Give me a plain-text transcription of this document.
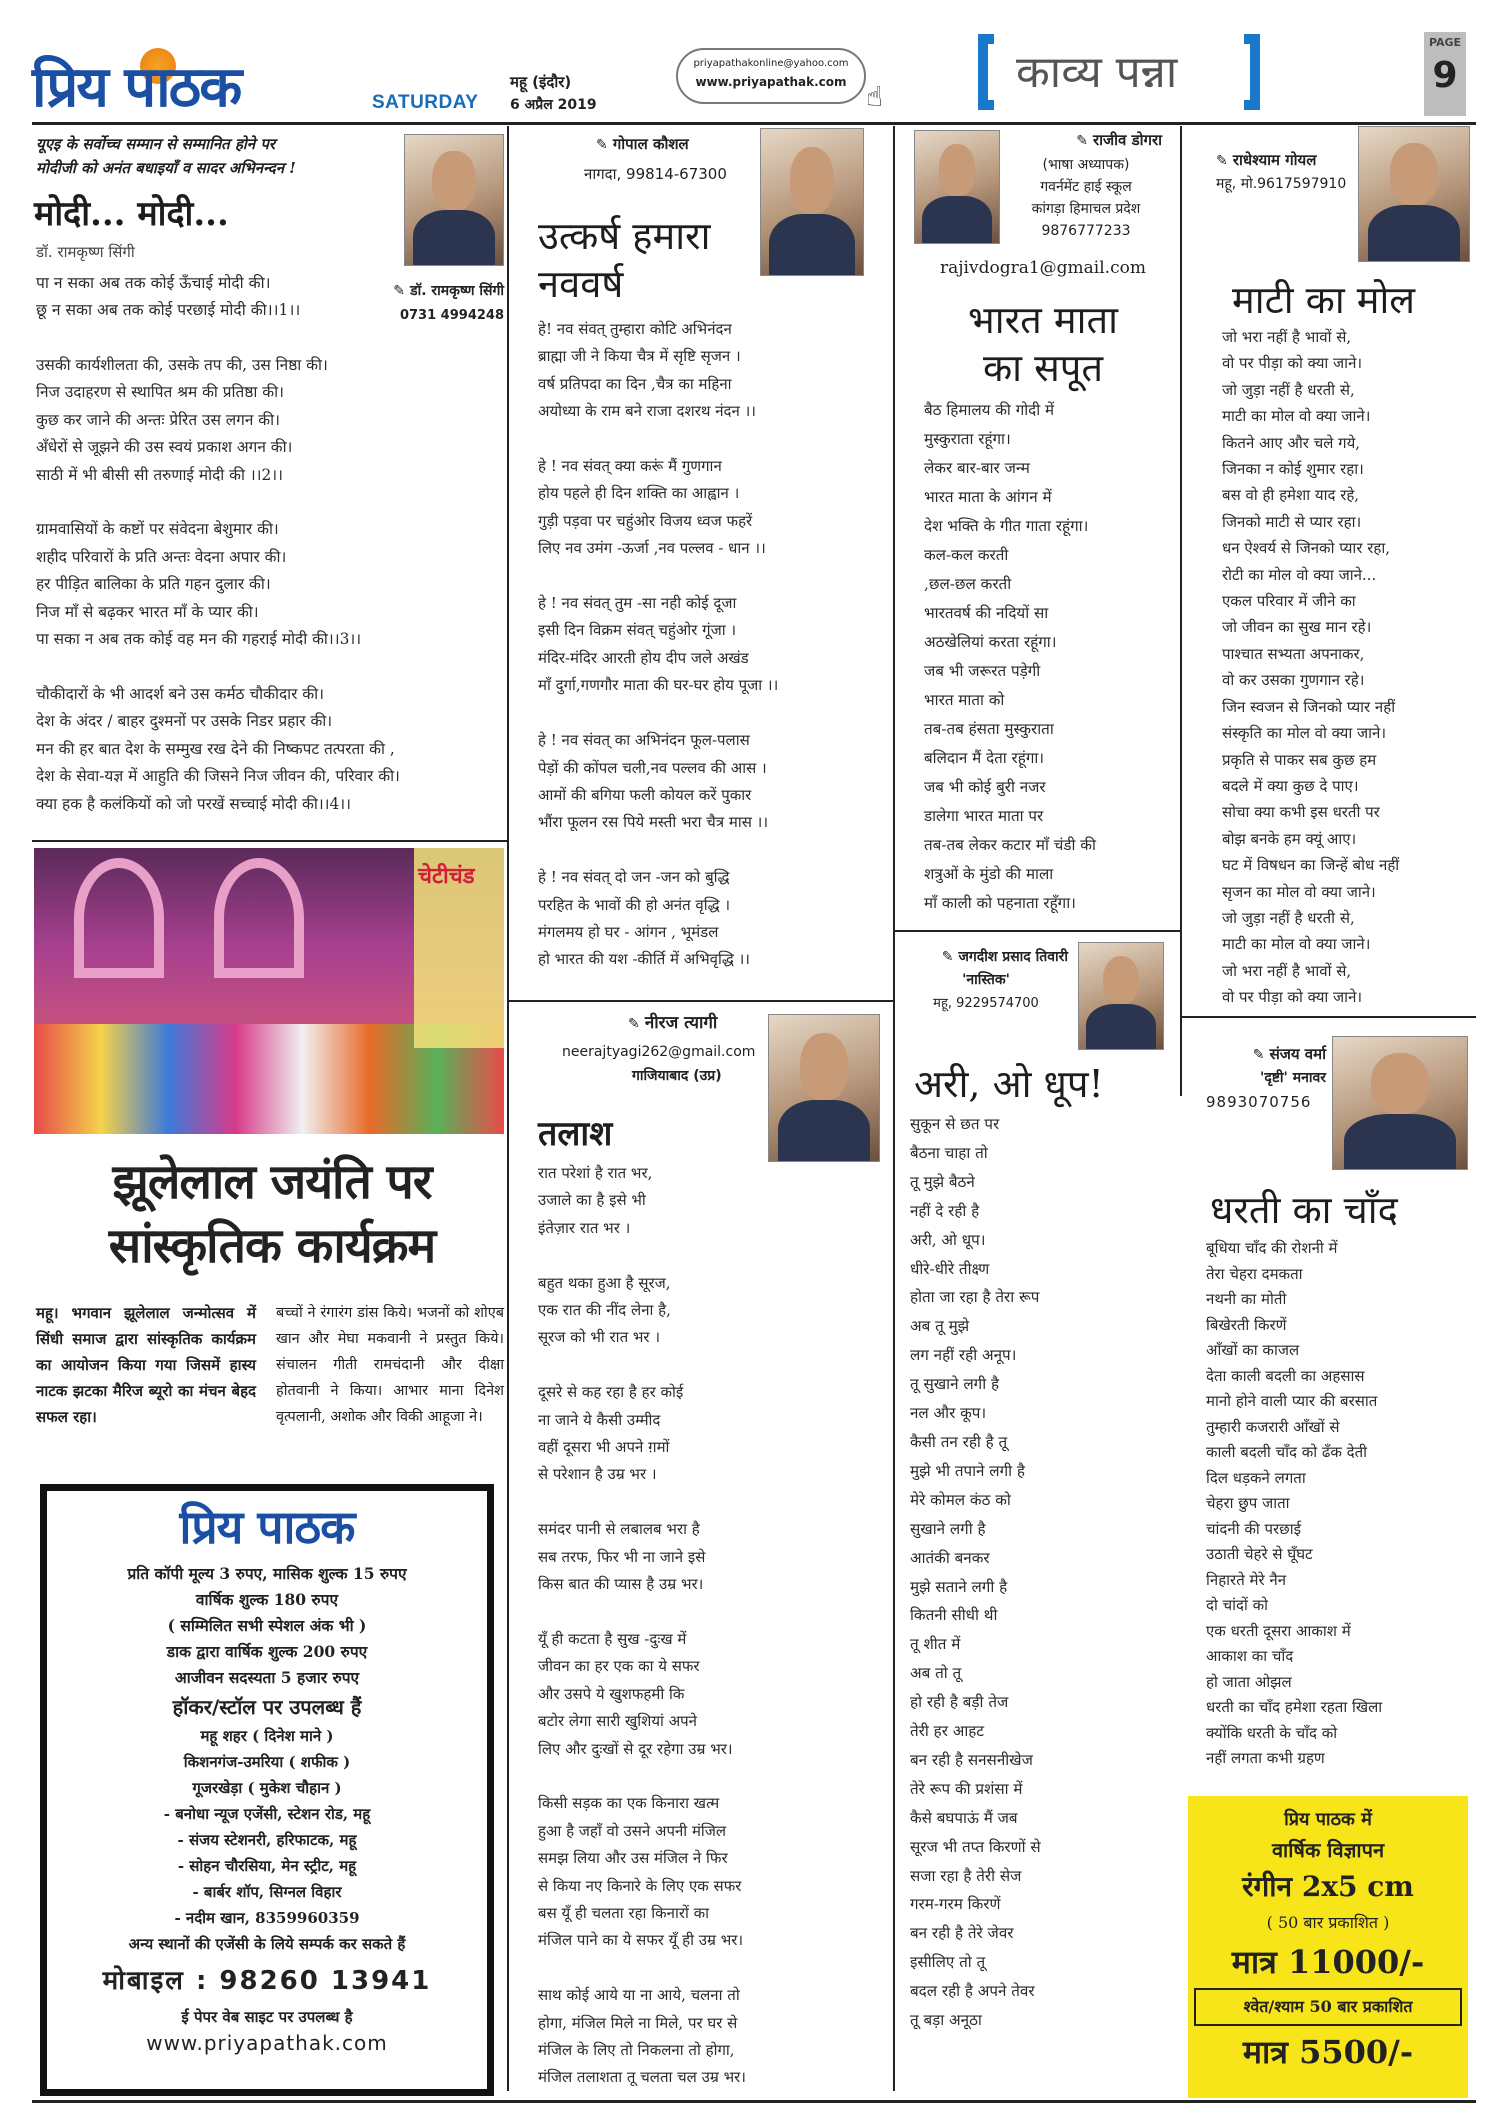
प्रिय पाठक	SATURDAY
महू (इंदौर)
6 अप्रैल 2019
priyapathakonline@yahoo.com
www.priyapathak.com ☝	काव्य पन्ना
PAGE
9
यूएइ के सर्वोच्च सम्मान से सम्मानित होने पर
मोदीजी को अनंत बधाइयाँ व सादर अभिनन्दन !
मोदी... मोदी...
डॉ. रामकृष्ण सिंगी
पा न सका अब तक कोई ऊँचाई मोदी की।
छू न सका अब तक कोई परछाई मोदी की।।1।।
✎ डॉ. रामकृष्ण सिंगी
0731 4994248
उसकी कार्यशीलता की, उसके तप की, उस निष्ठा की।
निज उदाहरण से स्थापित श्रम की प्रतिष्ठा की।
कुछ कर जाने की अन्तः प्रेरित उस लगन की।
अँधेरों से जूझने की उस स्वयं प्रकाश अगन की।
साठी में भी बीसी सी तरुणाई मोदी की ।।2।।

ग्रामवासियों के कष्टों पर संवेदना बेशुमार की।
शहीद परिवारों के प्रति अन्तः वेदना अपार की।
हर पीड़ित बालिका के प्रति गहन दुलार की।
निज माँ से बढ़कर भारत माँ के प्यार की।
पा सका न अब तक कोई वह मन की गहराई मोदी की।।3।।

चौकीदारों के भी आदर्श बने उस कर्मठ चौकीदार की।
देश के अंदर / बाहर दुश्मनों पर उसके निडर प्रहार की।
मन की हर बात देश के सम्मुख रख देने की निष्कपट तत्परता की ,
देश के सेवा-यज्ञ में आहुति की जिसने निज जीवन की, परिवार की।
क्या हक है कलंकियों को जो परखें सच्चाई मोदी की।।4।।
चेटीचंड
झूलेलाल जयंति पर
सांस्कृतिक कार्यक्रम
महू। भगवान झूलेलाल जन्मोत्सव में सिंधी समाज द्वारा सांस्कृतिक कार्यक्रम का आयोजन किया गया जिसमें हास्य नाटक झटका मैरिज ब्यूरो का मंचन बेहद सफल रहा।
बच्चों ने रंगारंग डांस किये। भजनों को शोएब खान और मेघा मकवानी ने प्रस्तुत किये। संचालन गीती रामचंदानी और दीक्षा होतवानी ने किया। आभार माना दिनेश वृत्पलानी, अशोक और विकी आहूजा ने।
प्रिय पाठक
प्रति कॉपी मूल्य 3 रुपए, मासिक शुल्क 15 रुपए
वार्षिक शुल्क 180 रुपए
( सम्मिलित सभी स्पेशल अंक भी )
डाक द्वारा वार्षिक शुल्क 200 रुपए
आजीवन सदस्यता 5 हजार रुपए
हॉकर/स्टॉल पर उपलब्ध हैं
महू शहर ( दिनेश माने )
किशनगंज-उमरिया ( शफीक )
गूजरखेड़ा ( मुकेश चौहान )
- बनोधा न्यूज एजेंसी, स्टेशन रोड, महू
- संजय स्टेशनरी, हरिफाटक, महू
- सोहन चौरसिया, मेन स्ट्रीट, महू
- बार्बर शॉप, सिग्नल विहार
- नदीम खान, 8359960359
अन्य स्थानों की एजेंसी के लिये सम्पर्क कर सकते हैं
मोबाइल : 98260 13941
ई पेपर वेब साइट पर उपलब्ध है
www.priyapathak.com
✎ गोपाल कौशल
नागदा, 99814-67300
उत्कर्ष हमारा
नववर्ष
हे! नव संवत् तुम्हारा कोटि अभिनंदन
ब्राह्मा जी ने किया चैत्र में सृष्टि सृजन ।
वर्ष प्रतिपदा का दिन ,चैत्र का महिना
अयोध्या के राम बने राजा दशरथ नंदन ।।

हे ! नव संवत् क्या करूं मैं गुणगान
होय पहले ही दिन शक्ति का आह्वान ।
गुड़ी पड़वा पर चहुंओर विजय ध्वज फहरें
लिए नव उमंग -ऊर्जा ,नव पल्लव - धान ।।

हे ! नव संवत् तुम -सा नही कोई दूजा
इसी दिन विक्रम संवत् चहुंओर गूंजा ।
मंदिर-मंदिर आरती होय दीप जले अखंड
माँ दुर्गा,गणगौर माता की घर-घर होय पूजा ।।

हे ! नव संवत् का अभिनंदन फूल-पलास
पेड़ों की कोंपल चली,नव पल्लव की आस ।
आमों की बगिया फली कोयल करें पुकार
भौंरा फूलन रस पिये मस्ती भरा चैत्र मास ।।

हे ! नव संवत् दो जन -जन को बुद्धि
परहित के भावों की हो अनंत वृद्धि ।
मंगलमय हो घर - आंगन , भूमंडल
हो भारत की यश -कीर्ति में अभिवृद्धि ।।
✎ नीरज त्यागी
neerajtyagi262@gmail.com
गाजियाबाद (उप्र)
तलाश
रात परेशां है रात भर,
उजाले का है इसे भी
इंतेज़ार रात भर ।

बहुत थका हुआ है सूरज,
एक रात की नींद लेना है,
सूरज को भी रात भर ।

दूसरे से कह रहा है हर कोई
ना जाने ये कैसी उम्मीद
वहीं दूसरा भी अपने ग़मों
से परेशान है उम्र भर ।

समंदर पानी से लबालब भरा है
सब तरफ, फिर भी ना जाने इसे
किस बात की प्यास है उम्र भर।

यूँ ही कटता है सुख -दुःख में
जीवन का हर एक का ये सफर
और उसपे ये खुशफहमी कि
बटोर लेगा सारी खुशियां अपने
लिए और दुःखों से दूर रहेगा उम्र भर।

किसी सड़क का एक किनारा खत्म
हुआ है जहाँ वो उसने अपनी मंजिल
समझ लिया और उस मंजिल ने फिर
से किया नए किनारे के लिए एक सफर
बस यूँ ही चलता रहा किनारों का
मंजिल पाने का ये सफर यूँ ही उम्र भर।

साथ कोई आये या ना आये, चलना तो
होगा, मंजिल मिले ना मिले, पर घर से
मंजिल के लिए तो निकलना तो होगा,
मंजिल तलाशता तू चलता चल उम्र भर।
✎ राजीव डोगरा
(भाषा अध्यापक)
गवर्नमेंट हाई स्कूल
कांगड़ा हिमाचल प्रदेश
9876777233
rajivdogra1@gmail.com
भारत माता
का सपूत
बैठ हिमालय की गोदी में
मुस्कुराता रहूंगा।
लेकर बार-बार जन्म
भारत माता के आंगन में
देश भक्ति के गीत गाता रहूंगा।
कल-कल करती
,छल-छल करती
भारतवर्ष की नदियों सा
अठखेलियां करता रहूंगा।
जब भी जरूरत पड़ेगी
भारत माता को
तब-तब हंसता मुस्कुराता
बलिदान मैं देता रहूंगा।
जब भी कोई बुरी नजर
डालेगा भारत माता पर
तब-तब लेकर कटार माँ चंडी की
शत्रुओं के मुंडो की माला
माँ काली को पहनाता रहूँगा।
✎ जगदीश प्रसाद तिवारी
'नास्तिक'
महू, 9229574700
अरी, ओ धूप!
सुकून से छत पर
बैठना चाहा तो
तू मुझे बैठने
नहीं दे रही है
अरी, ओ धूप।
धीरे-धीरे तीक्ष्ण
होता जा रहा है तेरा रूप
अब तू मुझे
लग नहीं रही अनूप।
तू सुखाने लगी है
नल और कूप।
कैसी तन रही है तू
मुझे भी तपाने लगी है
मेरे कोमल कंठ को
सुखाने लगी है
आतंकी बनकर
मुझे सताने लगी है
कितनी सीधी थी
तू शीत में
अब तो तू
हो रही है बड़ी तेज
तेरी हर आहट
बन रही है सनसनीखेज
तेरे रूप की प्रशंसा में
कैसे बघपाऊं मैं जब
सूरज भी तप्त किरणों से
सजा रहा है तेरी सेज
गरम-गरम किरणें
बन रही है तेरे जेवर
इसीलिए तो तू
बदल रही है अपने तेवर
तू बड़ा अनूठा
✎ राधेश्याम गोयल
महू, मो.9617597910
माटी का मोल
जो भरा नहीं है भावों से,
वो पर पीड़ा को क्या जाने।
जो जुड़ा नहीं है धरती से,
माटी का मोल वो क्या जाने।
कितने आए और चले गये,
जिनका न कोई शुमार रहा।
बस वो ही हमेशा याद रहे,
जिनको माटी से प्यार रहा।
धन ऐश्वर्य से जिनको प्यार रहा,
रोटी का मोल वो क्या जाने...
एकल परिवार में जीने का
जो जीवन का सुख मान रहे।
पाश्चात सभ्यता अपनाकर,
वो कर उसका गुणगान रहे।
जिन स्वजन से जिनको प्यार नहीं
संस्कृति का मोल वो क्या जाने।
प्रकृति से पाकर सब कुछ हम
बदले में क्या कुछ दे पाए।
सोचा क्या कभी इस धरती पर
बोझ बनके हम क्यूं आए।
घट में विषधन का जिन्हें बोध नहीं
सृजन का मोल वो क्या जाने।
जो जुड़ा नहीं है धरती से,
माटी का मोल वो क्या जाने।
जो भरा नहीं है भावों से,
वो पर पीड़ा को क्या जाने।
✎ संजय वर्मा
'दृष्टी' मनावर
9893070756
धरती का चाँद
बूधिया चाँद की रोशनी में
तेरा चेहरा दमकता
नथनी का मोती
बिखेरती किरणें
आँखों का काजल
देता काली बदली का अहसास
मानो होने वाली प्यार की बरसात
तुम्हारी कजरारी आँखों से
काली बदली चाँद को ढँक देती
दिल धड़कने लगता
चेहरा छुप जाता
चांदनी की परछाई
उठाती चेहरे से घूँघट
निहारते मेरे नैन
दो चांदों को
एक धरती दूसरा आकाश में
आकाश का चाँद
हो जाता ओझल
धरती का चाँद हमेशा रहता खिला
क्योंकि धरती के चाँद को
नहीं लगता कभी ग्रहण
प्रिय पाठक में
वार्षिक विज्ञापन
रंगीन 2x5 cm
( 50 बार प्रकाशित )
मात्र 11000/-
श्वेत/श्याम 50 बार प्रकाशित
मात्र 5500/-
